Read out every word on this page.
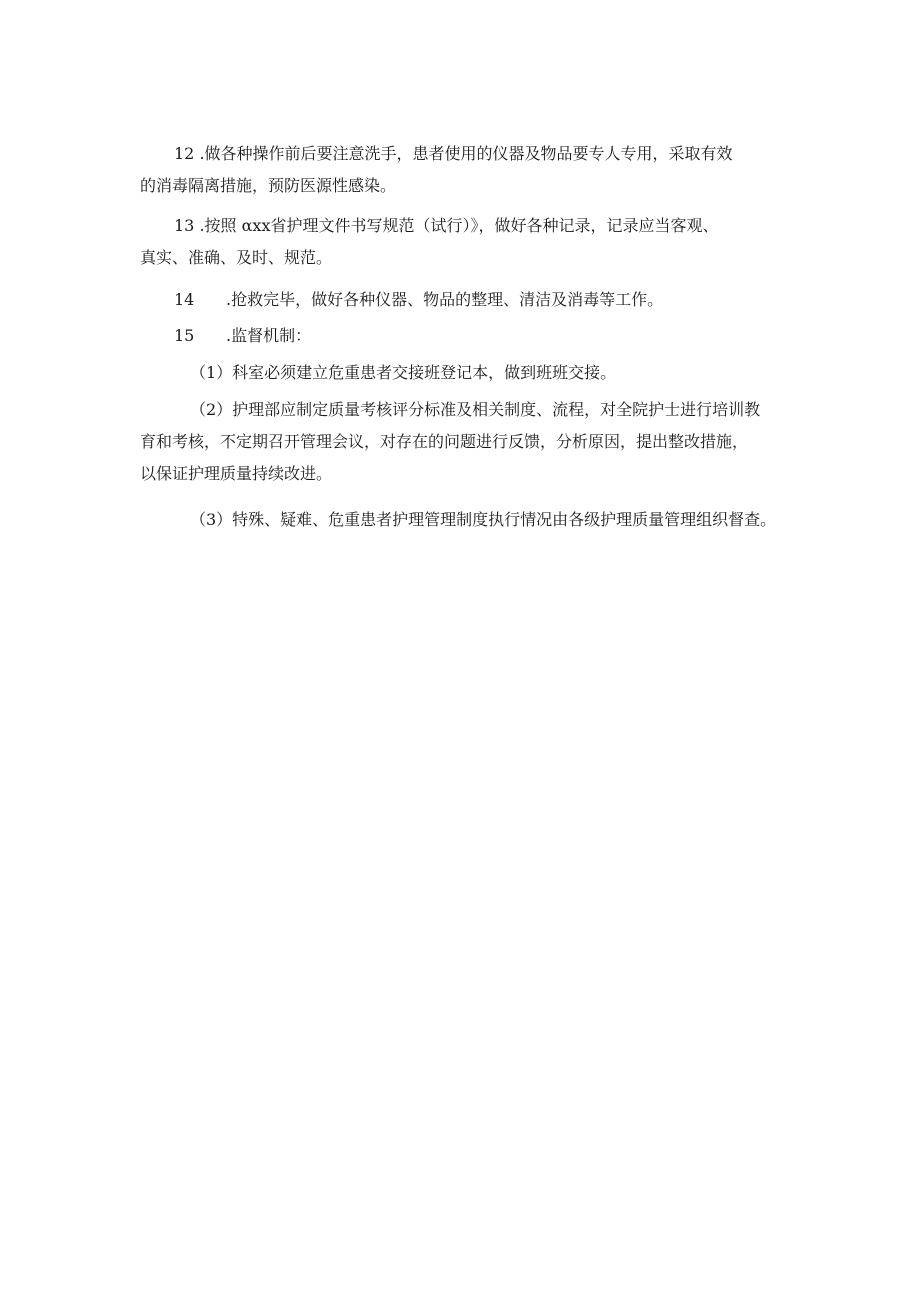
12 .做各种操作前后要注意洗手，患者使用的仪器及物品要专人专用，采取有效
的消毒隔离措施，预防医源性感染。
13 .按照 αxx省护理文件书写规范（试行）》，做好各种记录，记录应当客观、
真实、准确、及时、规范。
14 .抢救完毕，做好各种仪器、物品的整理、清洁及消毒等工作。
15 .监督机制：
（1）科室必须建立危重患者交接班登记本，做到班班交接。
（2）护理部应制定质量考核评分标准及相关制度、流程，对全院护士进行培训教
育和考核，不定期召开管理会议，对存在的问题进行反馈，分析原因，提出整改措施，
以保证护理质量持续改进。
（3）特殊、疑难、危重患者护理管理制度执行情况由各级护理质量管理组织督查。
